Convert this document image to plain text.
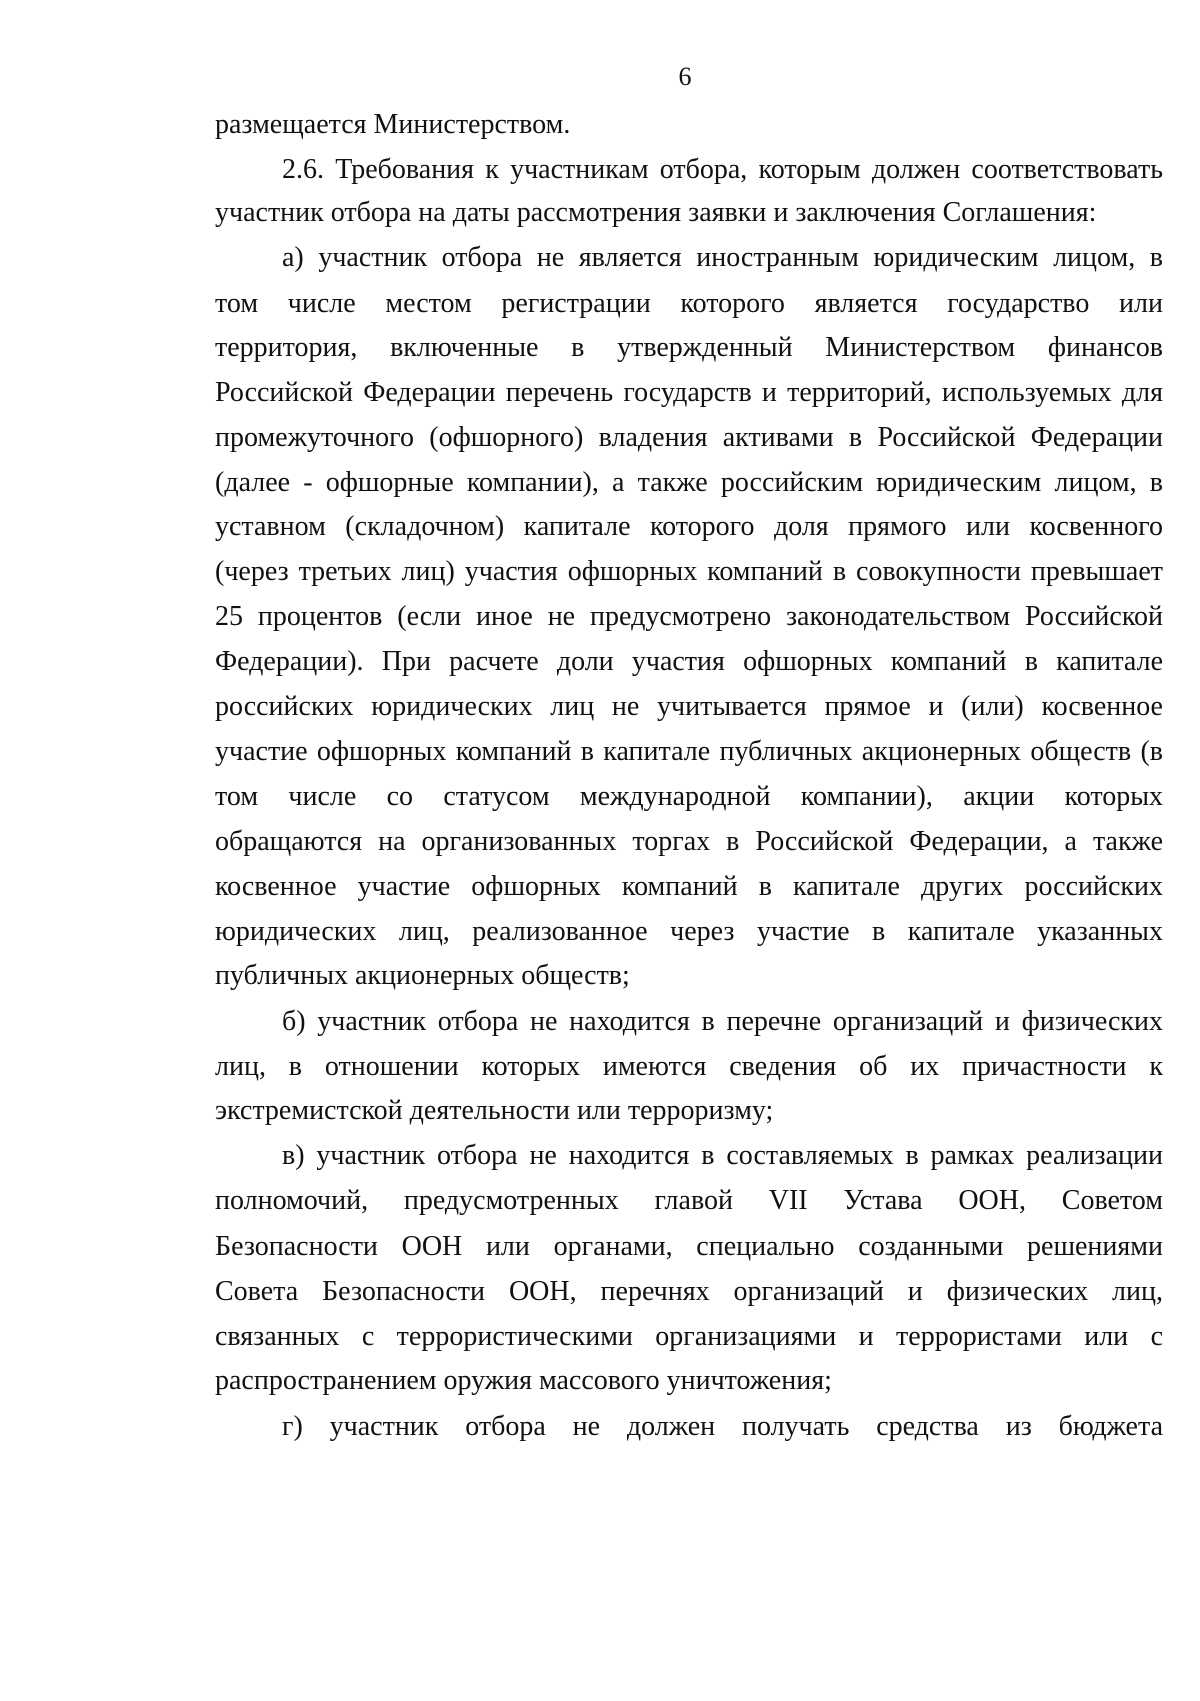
6

размещается Министерством.

2.6. Требования к участникам отбора, которым должен соответствовать

участник отбора на даты рассмотрения заявки и заключения Соглашения:

а) участник отбора не является иностранным юридическим лицом, в

том числе местом регистрации которого является государство или

территория, включенные в утвержденный Министерством финансов

Российской Федерации перечень государств и территорий, используемых для

промежуточного (офшорного) владения активами в Российской Федерации

(далее - офшорные компании), а также российским юридическим лицом, в

уставном (складочном) капитале которого доля прямого или косвенного

(через третьих лиц) участия офшорных компаний в совокупности превышает

25 процентов (если иное не предусмотрено законодательством Российской

Федерации). При расчете доли участия офшорных компаний в капитале

российских юридических лиц не учитывается прямое и (или) косвенное

участие офшорных компаний в капитале публичных акционерных обществ (в

том числе со статусом международной компании), акции которых

обращаются на организованных торгах в Российской Федерации, а также

косвенное участие офшорных компаний в капитале других российских

юридических лиц, реализованное через участие в капитале указанных

публичных акционерных обществ;

б) участник отбора не находится в перечне организаций и физических

лиц, в отношении которых имеются сведения об их причастности к

экстремистской деятельности или терроризму;

в) участник отбора не находится в составляемых в рамках реализации

полномочий, предусмотренных главой VII Устава ООН, Советом

Безопасности ООН или органами, специально созданными решениями

Совета Безопасности ООН, перечнях организаций и физических лиц,

связанных с террористическими организациями и террористами или с

распространением оружия массового уничтожения;

г) участник отбора не должен получать средства из бюджета
